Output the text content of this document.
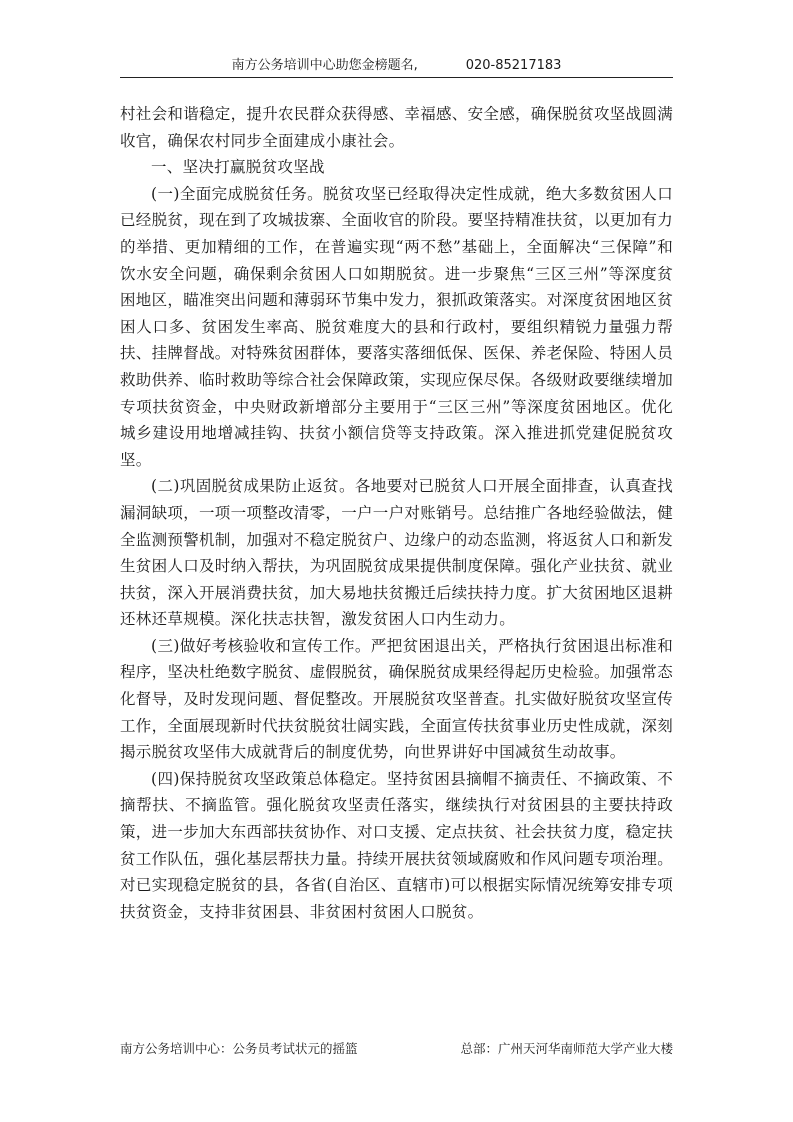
南方公务培训中心助您金榜题名,	020-85217183

村社会和谐稳定，提升农民群众获得感、幸福感、安全感，确保脱贫攻坚战圆满收官，确保农村同步全面建成小康社会。

一、坚决打赢脱贫攻坚战

(一)全面完成脱贫任务。脱贫攻坚已经取得决定性成就，绝大多数贫困人口已经脱贫，现在到了攻城拔寨、全面收官的阶段。要坚持精准扶贫，以更加有力的举措、更加精细的工作，在普遍实现“两不愁”基础上，全面解决“三保障”和饮水安全问题，确保剩余贫困人口如期脱贫。进一步聚焦“三区三州”等深度贫困地区，瞄准突出问题和薄弱环节集中发力，狠抓政策落实。对深度贫困地区贫困人口多、贫困发生率高、脱贫难度大的县和行政村，要组织精锐力量强力帮扶、挂牌督战。对特殊贫困群体，要落实落细低保、医保、养老保险、特困人员救助供养、临时救助等综合社会保障政策，实现应保尽保。各级财政要继续增加专项扶贫资金，中央财政新增部分主要用于“三区三州”等深度贫困地区。优化城乡建设用地增减挂钩、扶贫小额信贷等支持政策。深入推进抓党建促脱贫攻坚。

(二)巩固脱贫成果防止返贫。各地要对已脱贫人口开展全面排查，认真查找漏洞缺项，一项一项整改清零，一户一户对账销号。总结推广各地经验做法，健全监测预警机制，加强对不稳定脱贫户、边缘户的动态监测，将返贫人口和新发生贫困人口及时纳入帮扶，为巩固脱贫成果提供制度保障。强化产业扶贫、就业扶贫，深入开展消费扶贫，加大易地扶贫搬迁后续扶持力度。扩大贫困地区退耕还林还草规模。深化扶志扶智，激发贫困人口内生动力。

(三)做好考核验收和宣传工作。严把贫困退出关，严格执行贫困退出标准和程序，坚决杜绝数字脱贫、虚假脱贫，确保脱贫成果经得起历史检验。加强常态化督导，及时发现问题、督促整改。开展脱贫攻坚普查。扎实做好脱贫攻坚宣传工作，全面展现新时代扶贫脱贫壮阔实践，全面宣传扶贫事业历史性成就，深刻揭示脱贫攻坚伟大成就背后的制度优势，向世界讲好中国减贫生动故事。

(四)保持脱贫攻坚政策总体稳定。坚持贫困县摘帽不摘责任、不摘政策、不摘帮扶、不摘监管。强化脱贫攻坚责任落实，继续执行对贫困县的主要扶持政策，进一步加大东西部扶贫协作、对口支援、定点扶贫、社会扶贫力度，稳定扶贫工作队伍，强化基层帮扶力量。持续开展扶贫领域腐败和作风问题专项治理。对已实现稳定脱贫的县，各省(自治区、直辖市)可以根据实际情况统筹安排专项扶贫资金，支持非贫困县、非贫困村贫困人口脱贫。

南方公务培训中心：公务员考试状元的摇篮	总部：广州天河华南师范大学产业大楼
